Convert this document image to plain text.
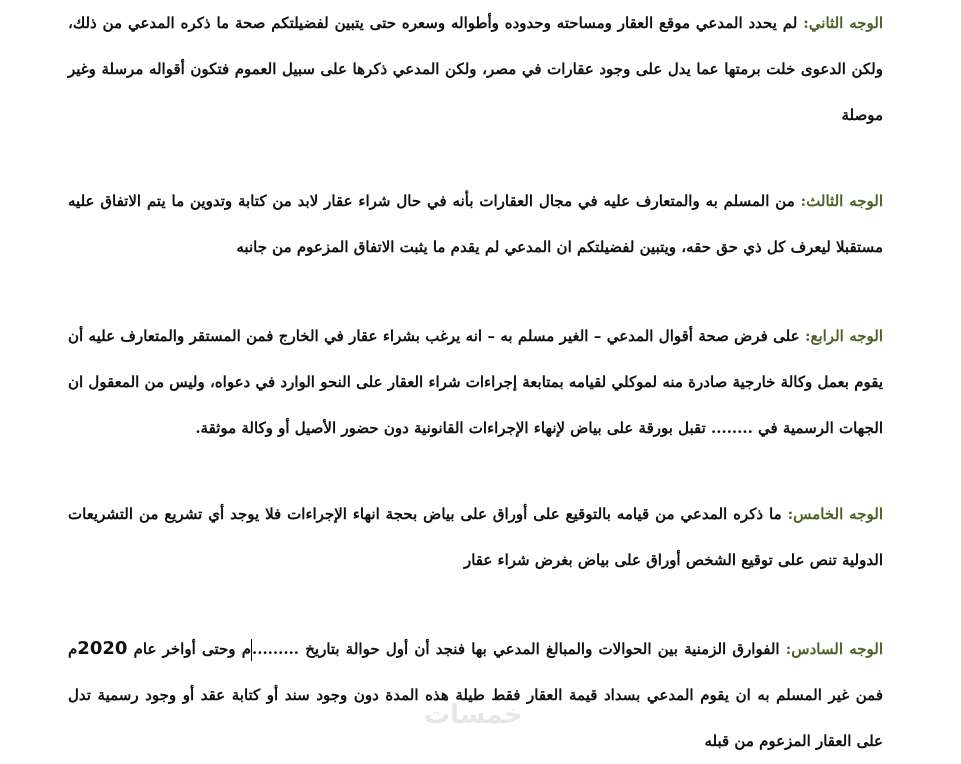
الوجه الثاني: لم يحدد المدعي موقع العقار ومساحته وحدوده وأطواله وسعره حتى يتبين لفضيلتكم صحة ما ذكره المدعي من ذلك، ولكن الدعوى خلت برمتها عما يدل على وجود عقارات في مصر، ولكن المدعي ذكرها على سبيل العموم فتكون أقواله مرسلة وغير موصلة

الوجه الثالث: من المسلم به والمتعارف عليه في مجال العقارات بأنه في حال شراء عقار لابد من كتابة وتدوين ما يتم الاتفاق عليه مستقبلا ليعرف كل ذي حق حقه، ويتبين لفضيلتكم ان المدعي لم يقدم ما يثبت الاتفاق المزعوم من جانبه

الوجه الرابع: على فرض صحة أقوال المدعي – الغير مسلم به – انه يرغب بشراء عقار في الخارج فمن المستقر والمتعارف عليه أن يقوم بعمل وكالة خارجية صادرة منه لموكلي لقيامه بمتابعة إجراءات شراء العقار على النحو الوارد في دعواه، وليس من المعقول ان الجهات الرسمية في ........ تقبل بورقة على بياض لإنهاء الإجراءات القانونية دون حضور الأصيل أو وكالة موثقة.

الوجه الخامس: ما ذكره المدعي من قيامه بالتوقيع على أوراق على بياض بحجة انهاء الإجراءات فلا يوجد أي تشريع من التشريعات الدولية تنص على توقيع الشخص أوراق على بياض بغرض شراء عقار

الوجه السادس: الفوارق الزمنية بين الحوالات والمبالغ المدعي بها فنجد أن أول حوالة بتاريخ .........م وحتى أواخر عام 2020م فمن غير المسلم به ان يقوم المدعي بسداد قيمة العقار فقط طيلة هذه المدة دون وجود سند أو كتابة عقد أو وجود رسمية تدل على العقار المزعوم من قبله

خمسات
